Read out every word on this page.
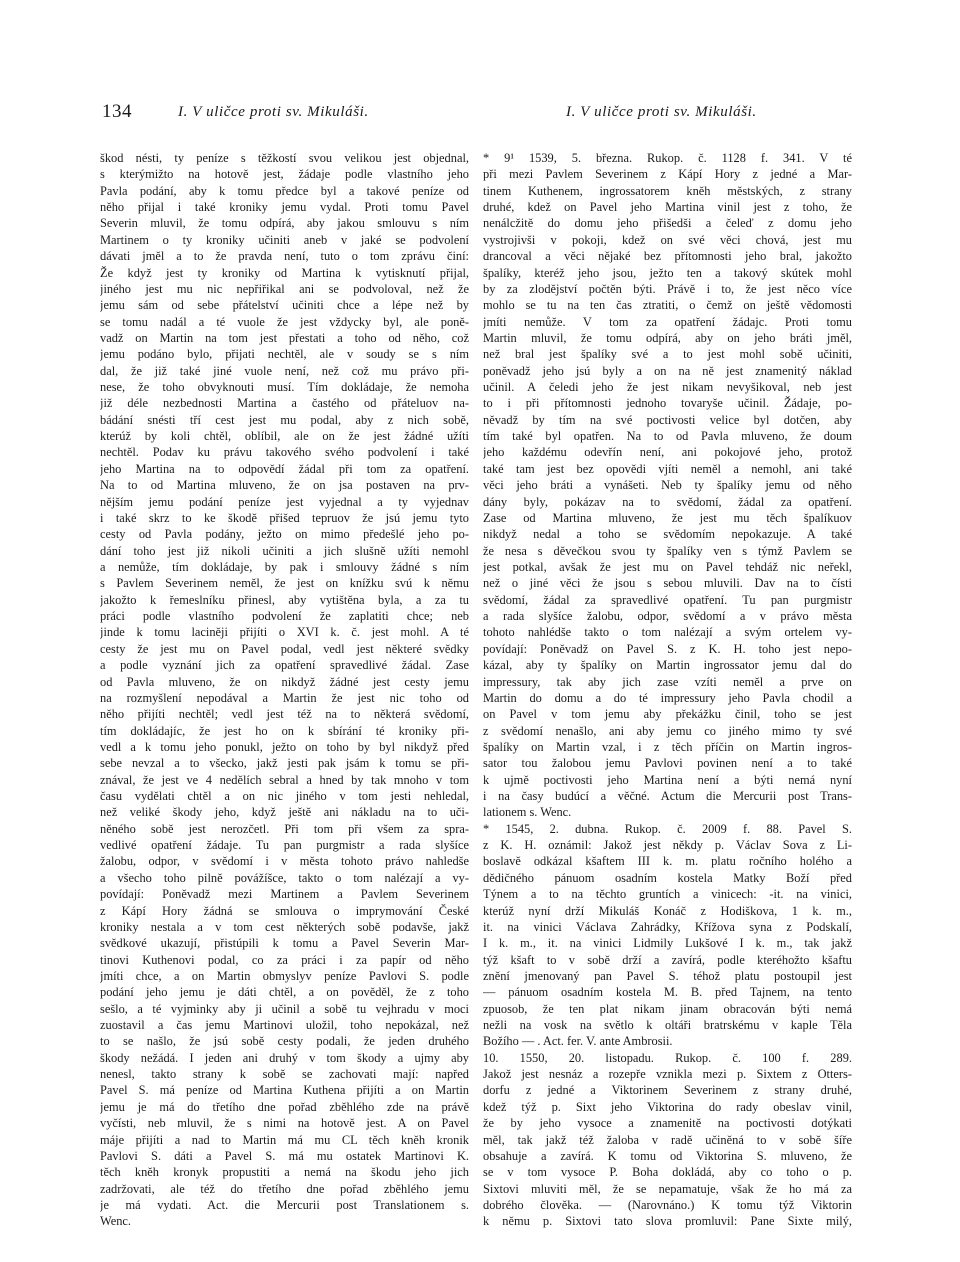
134	I. V uličce proti sv. Mikuláši.	I. V uličce proti sv. Mikuláši.
škod nésti, ty peníze s těžkostí svou velikou jest objednal,
s kterýmižto na hotově jest, žádaje podle vlastního jeho
Pavla podání, aby k tomu předce byl a takové peníze od
něho přijal i také kroniky jemu vydal. Proti tomu Pavel
Severin mluvil, že tomu odpírá, aby jakou smlouvu s ním
Martinem o ty kroniky učiniti aneb v jaké se podvolení
dávati jměl a to že pravda není, tuto o tom zprávu činí:
Že když jest ty kroniky od Martina k vytisknutí přijal,
jiného jest mu nic nepřiřikal ani se podvoloval, než že
jemu sám od sebe přátelství učiniti chce a lépe než by
se tomu nadál a té vuole že jest vždycky byl, ale poně-
vadž on Martin na tom jest přestati a toho od něho, což
jemu podáno bylo, přijati nechtěl, ale v soudy se s ním
dal, že již také jiné vuole není, než což mu právo při-
nese, že toho obvyknouti musí. Tím dokládaje, že nemoha
již déle nezbednosti Martina a častého od přáteluov na-
bádání snésti tří cest jest mu podal, aby z nich sobě,
kterúž by koli chtěl, oblíbil, ale on že jest žádné užíti
nechtěl. Podav ku právu takového svého podvolení i také
jeho Martina na to odpovědí žádal při tom za opatření.
Na to od Martina mluveno, že on jsa postaven na prv-
nějším jemu podání peníze jest vyjednal a ty vyjednav
i také skrz to ke škodě přišed tepruov že jsú jemu tyto
cesty od Pavla podány, ježto on mimo předešlé jeho po-
dání toho jest již nikoli učiniti a jich slušně užíti nemohl
a nemůže, tím dokládaje, by pak i smlouvy žádné s ním
s Pavlem Severinem neměl, že jest on knížku svú k němu
jakožto k řemeslníku přinesl, aby vytištěna byla, a za tu
práci podle vlastního podvolení že zaplatiti chce; neb
jinde k tomu laciněji přijíti o XVI k. č. jest mohl. A té
cesty že jest mu on Pavel podal, vedl jest některé svědky
a podle vyznání jich za opatření spravedlivé žádal. Zase
od Pavla mluveno, že on nikdyž žádné jest cesty jemu
na rozmyšlení nepodával a Martin že jest nic toho od
něho přijíti nechtěl; vedl jest též na to některá svědomí,
tím dokládajíc, že jest ho on k sbírání té kroniky při-
vedl a k tomu jeho ponukl, ježto on toho by byl nikdyž před
sebe nevzal a to všecko, jakž jesti pak jsám k tomu se při-
znával, že jest ve 4 nedělích sebral a hned by tak mnoho v tom
času vydělati chtěl a on nic jiného v tom jesti nehledal,
než veliké škody jeho, když ještě ani nákladu na to uči-
něného sobě jest nerozčetl. Při tom při všem za spra-
vedlivé opatření žádaje. Tu pan purgmistr a rada slyšíce
žalobu, odpor, v svědomí i v města tohoto právo nahledše
a všecho toho pilně povážíšce, takto o tom nalézají a vy-
povídají: Poněvadž mezi Martinem a Pavlem Severinem
z Kápí Hory žádná se smlouva o imprymování České
kroniky nestala a v tom cest některých sobě podavše, jakž
svědkové ukazují, přistúpili k tomu a Pavel Severin Mar-
tinovi Kuthenovi podal, co za práci i za papír od něho
jmíti chce, a on Martin obmyslyv peníze Pavlovi S. podle
podání jeho jemu je dáti chtěl, a on pověděl, že z toho
sešlo, a té vyjminky aby ji učinil a sobě tu vejhradu v moci
zuostavil a čas jemu Martinovi uložil, toho nepokázal, než
to se našlo, že jsú sobě cesty podali, že jeden druhého
škody nežádá. I jeden ani druhý v tom škody a ujmy aby
nenesl, takto strany k sobě se zachovati mají: napřed
Pavel S. má peníze od Martina Kuthena přijíti a on Martin
jemu je má do třetího dne pořad zběhlého zde na právě
vyčísti, neb mluvil, že s nimi na hotově jest. A on Pavel
máje přijíti a nad to Martin má mu CL těch kněh kronik
Pavlovi S. dáti a Pavel S. má mu ostatek Martinovi K.
těch kněh kronyk propustiti a nemá na škodu jeho jich
zadržovati, ale též do třetího dne pořad zběhlého jemu
je má vydati. Act. die Mercurii post Translationem s.
Wenc.
* 9¹ 1539, 5. března. Rukop. č. 1128 f. 341. V té
při mezi Pavlem Severinem z Kápí Hory z jedné a Mar-
tinem Kuthenem, ingrossatorem kněh městských, z strany
druhé, kdež on Pavel jeho Martina vinil jest z toho, že
nenálcžitě do domu jeho přišedši a čeleď z domu jeho
vystrojivši v pokoji, kdež on své věci chová, jest mu
drancoval a věci nějaké bez přítomnosti jeho bral, jakožto
špalíky, kteréž jeho jsou, ježto ten a takový skútek mohl
by za zlodějství počtěn býti. Právě i to, že jest něco více
mohlo se tu na ten čas ztratiti, o čemž on ještě vědomosti
jmíti nemůže. V tom za opatření žádajc. Proti tomu
Martin mluvil, že tomu odpírá, aby on jeho bráti jměl,
než bral jest špalíky své a to jest mohl sobě učiniti,
poněvadž jeho jsú byly a on na ně jest znamenitý náklad
učinil. A čeledi jeho že jest nikam nevyšikoval, neb jest
to i při přítomnosti jednoho tovaryše učinil. Žádaje, po-
něvadž by tím na své poctivosti velice byl dotčen, aby
tím také byl opatřen. Na to od Pavla mluveno, že doum
jeho každému odevřín není, ani pokojové jeho, protož
také tam jest bez opovědi vjíti neměl a nemohl, ani také
věci jeho bráti a vynášeti. Neb ty špalíky jemu od něho
dány byly, pokázav na to svědomí, žádal za opatření.
Zase od Martina mluveno, že jest mu těch špalíkuov
nikdyž nedal a toho se svědomím nepokazuje. A také
že nesa s děvečkou svou ty špalíky ven s týmž Pavlem se
jest potkal, avšak že jest mu on Pavel tehdáž nic neřekl,
než o jiné věci že jsou s sebou mluvili. Dav na to čísti
svědomí, žádal za spravedlivé opatření. Tu pan purgmistr
a rada slyšíce žalobu, odpor, svědomí a v právo města
tohoto nahlédše takto o tom nalézají a svým ortelem vy-
povídají: Poněvadž on Pavel S. z K. H. toho jest nepo-
kázal, aby ty špalíky on Martin ingrossator jemu dal do
impressury, tak aby jich zase vzíti neměl a prve on
Martin do domu a do té impressury jeho Pavla chodil a
on Pavel v tom jemu aby překážku činil, toho se jest
z svědomí nenašlo, ani aby jemu co jiného mimo ty své
špalíky on Martin vzal, i z těch příčin on Martin ingros-
sator tou žalobou jemu Pavlovi povinen není a to také
k ujmě poctivosti jeho Martina není a býti nemá nyní
i na časy budúcí a věčné. Actum die Mercurii post Trans-
lationem s. Wenc.
* 1545, 2. dubna. Rukop. č. 2009 f. 88. Pavel S.
z K. H. oznámil: Jakož jest někdy p. Václav Sova z Li-
boslavě odkázal kšaftem III k. m. platu ročního holého a
dědičného pánuom osadním kostela Matky Boží před
Týnem a to na těchto gruntích a vinicech: -it. na vinici,
kterúž nyní drží Mikuláš Konáč z Hodiškova, 1 k. m.,
it. na vinici Václava Zahrádky, Křížova syna z Podskalí,
I k. m., it. na vinici Lidmily Lukšové I k. m., tak jakž
týž kšaft to v sobě drží a zavírá, podle kteréhožto kšaftu
znění jmenovaný pan Pavel S. téhož platu postoupil jest
— pánuom osadním kostela M. B. před Tajnem, na tento
zpuosob, že ten plat nikam jinam obracován býti nemá
nežli na vosk na světlo k oltáři bratrskému v kaple Těla
Božího — . Act. fer. V. ante Ambrosii.
10. 1550, 20. listopadu. Rukop. č. 100 f. 289.
Jakož jest nesnáz a rozepře vznikla mezi p. Sixtem z Otters-
dorfu z jedné a Viktorinem Severinem z strany druhé,
kdež týž p. Sixt jeho Viktorina do rady obeslav vinil,
že by jeho vysoce a znamenitě na poctivosti dotýkati
měl, tak jakž též žaloba v radě učiněná to v sobě šíře
obsahuje a zavírá. K tomu od Viktorina S. mluveno, že
se v tom vysoce P. Boha dokládá, aby co toho o p.
Sixtovi mluviti měl, že se nepamatuje, však že ho má za
dobrého člověka. — (Narovnáno.) K tomu týž Viktorin
k němu p. Sixtovi tato slova promluvil: Pane Sixte milý,
